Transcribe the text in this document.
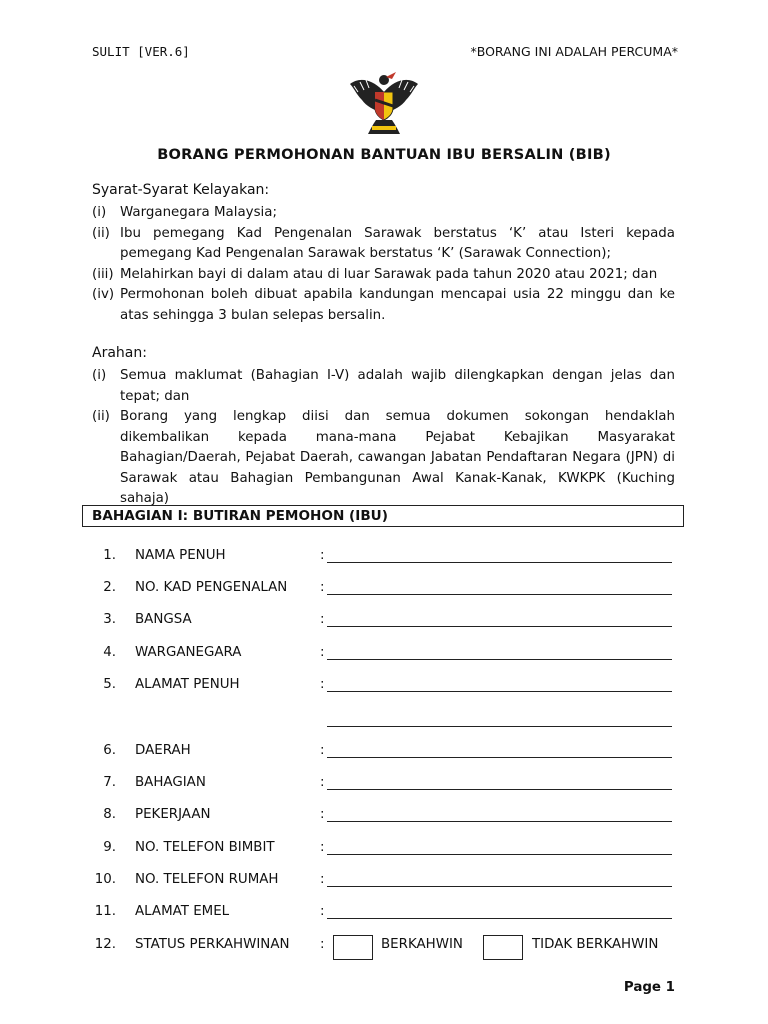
SULIT [VER.6]	*BORANG INI ADALAH PERCUMA*
BORANG PERMOHONAN BANTUAN IBU BERSALIN (BIB)
Syarat-Syarat Kelayakan:
(i)	Warganegara Malaysia;
(ii) Ibu pemegang Kad Pengenalan Sarawak berstatus ‘K’ atau Isteri kepada pemegang Kad Pengenalan Sarawak berstatus ‘K’ (Sarawak Connection);
(iii) Melahirkan bayi di dalam atau di luar Sarawak pada tahun 2020 atau 2021; dan
(iv) Permohonan boleh dibuat apabila kandungan mencapai usia 22 minggu dan ke atas sehingga 3 bulan selepas bersalin.
Arahan:
(i)	Semua maklumat (Bahagian I-V) adalah wajib dilengkapkan dengan jelas dan tepat; dan
(ii) Borang yang lengkap diisi dan semua dokumen sokongan hendaklah dikembalikan kepada mana-mana Pejabat Kebajikan Masyarakat Bahagian/Daerah, Pejabat Daerah, cawangan Jabatan Pendaftaran Negara (JPN) di Sarawak atau Bahagian Pembangunan Awal Kanak-Kanak, KWKPK (Kuching sahaja)
BAHAGIAN I: BUTIRAN PEMOHON (IBU)
1. NAMA PENUH	:
2. NO. KAD PENGENALAN :
3. BANGSA	:
4. WARGANEGARA	:
5. ALAMAT PENUH	:
6. DAERAH	:
7. BAHAGIAN	:
8. PEKERJAAN	:
9. NO. TELEFON BIMBIT	:
10. NO. TELEFON RUMAH	:
11. ALAMAT EMEL	:
12. STATUS PERKAHWINAN :	BERKAHWIN	TIDAK BERKAHWIN
Page 1
